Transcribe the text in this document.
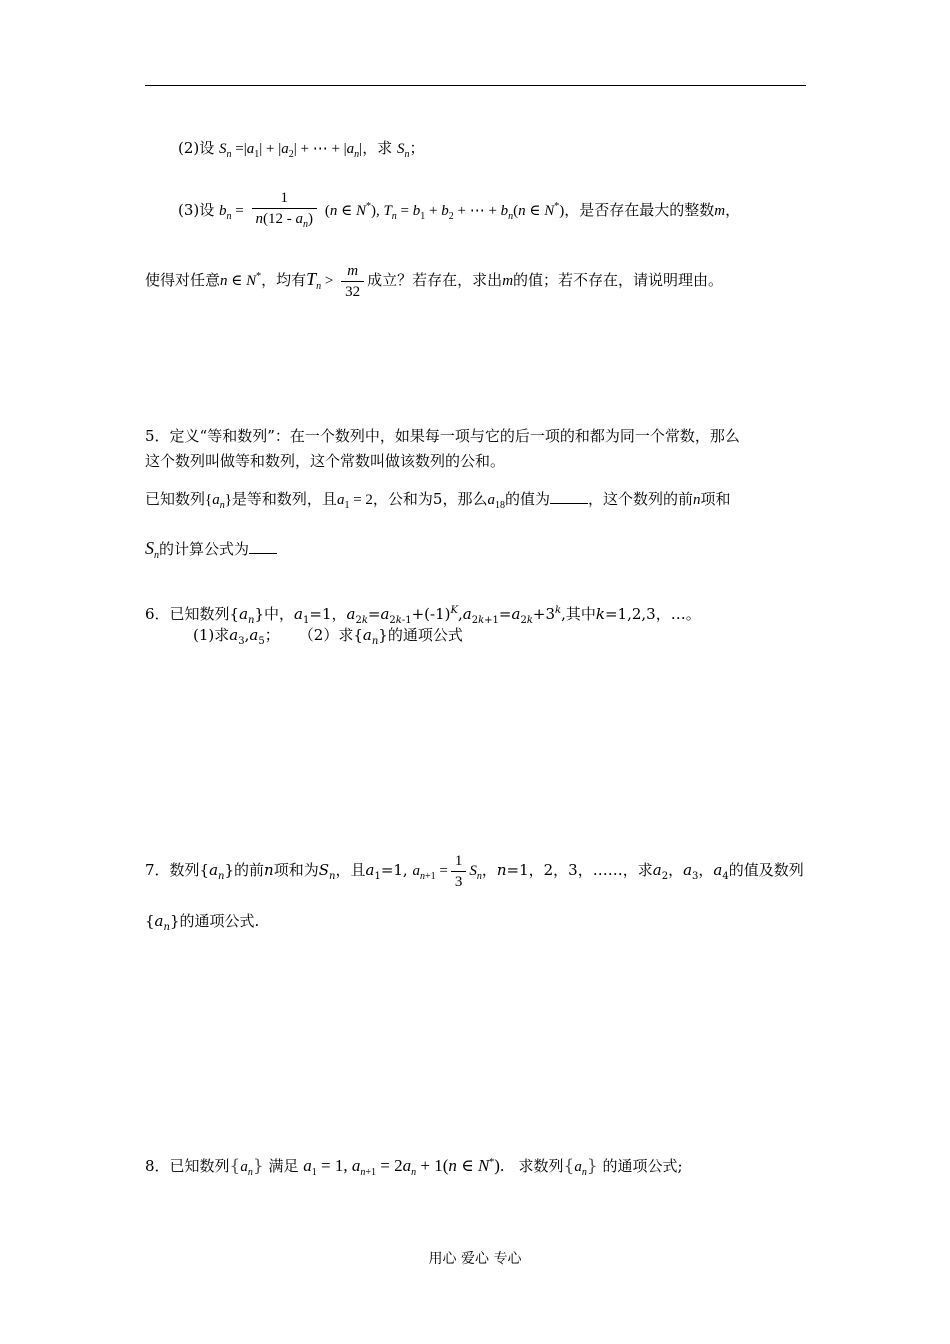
(2)设 $S_n =|a_1| + |a_2|$ + ⋯ + $|a_n|$，求 $S_n$；
(3)设 $b_n = \frac{1}{n(12 - a_n)} (n$ ∈ N*), $T_n = b_1 + b_2$ + ⋯ + $b_n(n$ ∈ N*)，是否存在最大的整数m，
使得对任意n ∈ N*，均有$T_n > \frac{m}{32}$ 成立？若存在，求出m的值；若不存在，请说明理由。
5．定义“等和数列”：在一个数列中，如果每一项与它的后一项的和都为同一个常数，那么
这个数列叫做等和数列，这个常数叫做该数列的公和。
已知数列$\{a_n\}$是等和数列，且$a_1 = 2$，公和为5，那么$a_{18}$的值为	，这个数列的前n项和
$S_n$的计算公式为
6．已知数列$\{a_n\}$中，$a_1=1$，$a_{2k}=a_{2k-1}+(-1)^K,a_{2k+1}=a_{2k}+3^k$,其中k=1,2,3，…。
(1)求$a_3,a_5$； （2）求$\{a_n\}$的通项公式
7．数列$\{a_n\}$的前n项和为$S_n$，且$a_1=1$, $a_{n+1} = \frac{1}{3} S_n$，n=1，2，3，……，求$a_2$，$a_3$，$a_4$的值及数列
$\{a_n\}$的通项公式.
8．已知数列$\{a_n\}$ 满足 $a_1 = 1$, $a_{n+1} = 2a_n + 1(n$ ∈ N*). 求数列$\{a_n\}$ 的通项公式;
用心 爱心 专心
